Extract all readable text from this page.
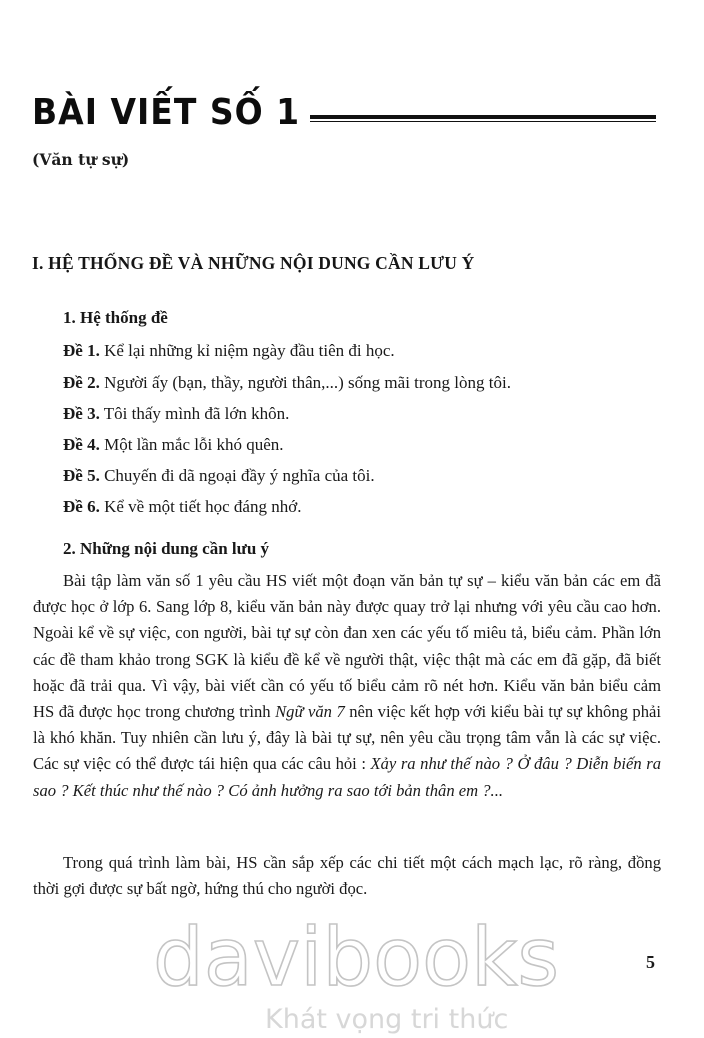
BÀI VIẾT SỐ 1
(Văn tự sự)
I. HỆ THỐNG ĐỀ VÀ NHỮNG NỘI DUNG CẦN LƯU Ý
1. Hệ thống đề
Đề 1. Kể lại những kỉ niệm ngày đầu tiên đi học.
Đề 2. Người ấy (bạn, thầy, người thân,...) sống mãi trong lòng tôi.
Đề 3. Tôi thấy mình đã lớn khôn.
Đề 4. Một lần mắc lỗi khó quên.
Đề 5. Chuyến đi dã ngoại đầy ý nghĩa của tôi.
Đề 6. Kể về một tiết học đáng nhớ.
2. Những nội dung cần lưu ý
Bài tập làm văn số 1 yêu cầu HS viết một đoạn văn bản tự sự – kiểu văn bản các em đã được học ở lớp 6. Sang lớp 8, kiểu văn bản này được quay trở lại nhưng với yêu cầu cao hơn. Ngoài kể về sự việc, con người, bài tự sự còn đan xen các yếu tố miêu tả, biểu cảm. Phần lớn các đề tham khảo trong SGK là kiểu đề kể về người thật, việc thật mà các em đã gặp, đã biết hoặc đã trải qua. Vì vậy, bài viết cần có yếu tố biểu cảm rõ nét hơn. Kiểu văn bản biểu cảm HS đã được học trong chương trình Ngữ văn 7 nên việc kết hợp với kiểu bài tự sự không phải là khó khăn. Tuy nhiên cần lưu ý, đây là bài tự sự, nên yêu cầu trọng tâm vẫn là các sự việc. Các sự việc có thể được tái hiện qua các câu hỏi : Xảy ra như thế nào ? Ở đâu ? Diễn biến ra sao ? Kết thúc như thế nào ? Có ảnh hưởng ra sao tới bản thân em ?...
Trong quá trình làm bài, HS cần sắp xếp các chi tiết một cách mạch lạc, rõ ràng, đồng thời gợi được sự bất ngờ, hứng thú cho người đọc.
5
davibooks
Khát vọng tri thức
